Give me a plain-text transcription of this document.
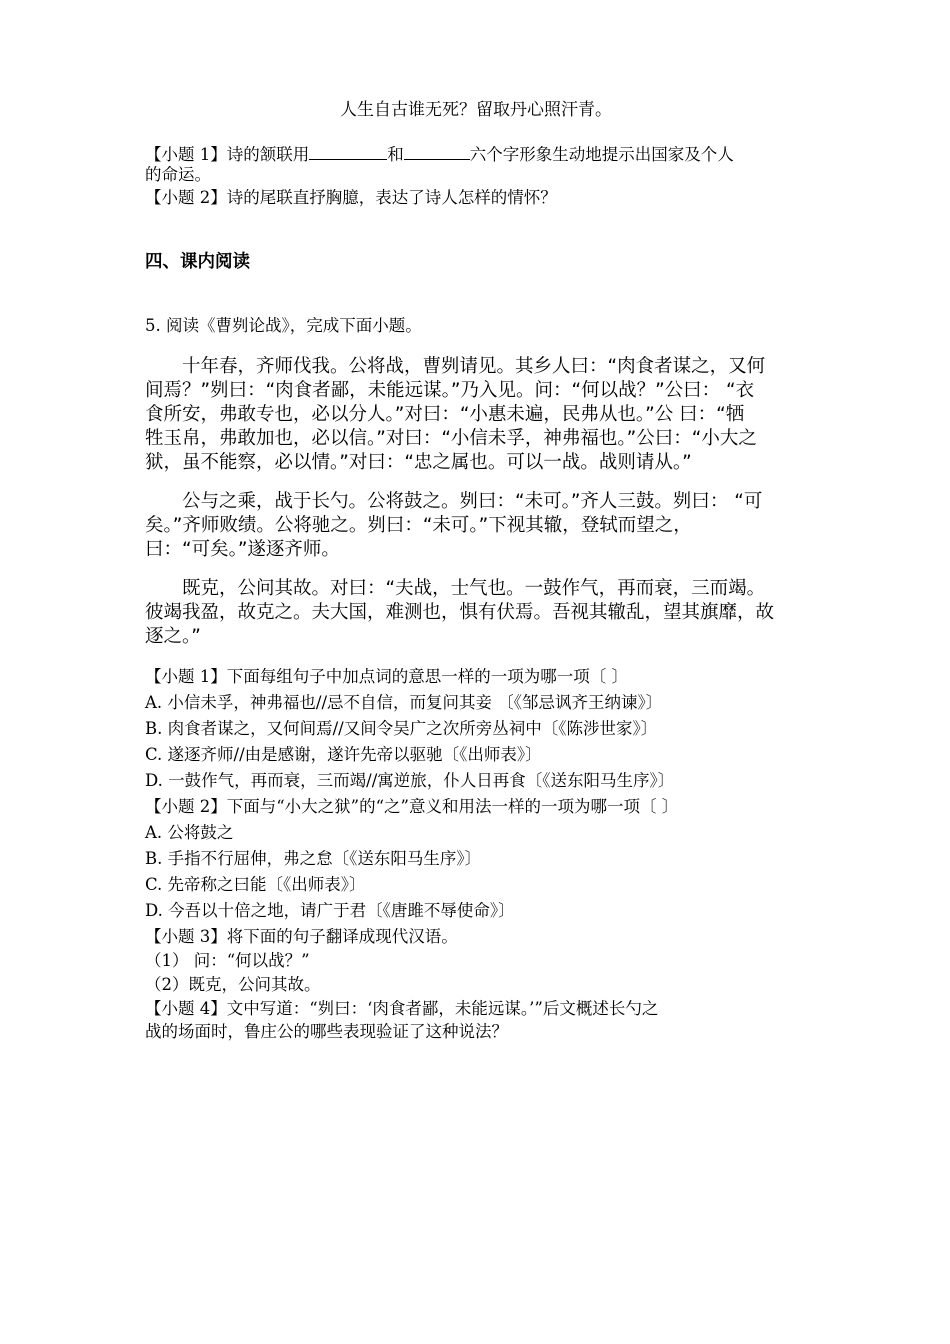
人生自古谁无死？留取丹心照汗青。
【小题 1】诗的颔联用	和	六个字形象生动地提示出国家及个人
的命运。
【小题 2】诗的尾联直抒胸臆，表达了诗人怎样的情怀？
四、课内阅读
5. 阅读《曹刿论战》，完成下面小题。
十年春，齐师伐我。公将战，曹刿请见。其乡人曰：“肉食者谋之，又何
间焉？”刿曰：“肉食者鄙，未能远谋。”乃入见。问：“何以战？”公曰： “衣
食所安，弗敢专也，必以分人。”对曰：“小惠未遍，民弗从也。”公 曰：“牺
牲玉帛，弗敢加也，必以信。”对曰：“小信未孚，神弗福也。”公曰：“小大之
狱，虽不能察，必以情。”对曰：“忠之属也。可以一战。战则请从。”
公与之乘，战于长勺。公将鼓之。刿曰：“未可。”齐人三鼓。刿曰： “可
矣。”齐师败绩。公将驰之。刿曰：“未可。”下视其辙，登轼而望之，
曰：“可矣。”遂逐齐师。
既克，公问其故。对曰：“夫战，士气也。一鼓作气，再而衰，三而竭。
彼竭我盈，故克之。夫大国，难测也，惧有伏焉。吾视其辙乱，望其旗靡，故
逐之。”
【小题 1】下面每组句子中加点词的意思一样的一项为哪一项〔 〕
A. 小信未孚，神弗福也//忌不自信，而复问其妾 〔《邹忌讽齐王纳谏》〕
B. 肉食者谋之，又何间焉//又间令吴广之次所旁丛祠中〔《陈涉世家》〕
C. 遂逐齐师//由是感谢，遂许先帝以驱驰〔《出师表》〕
D. 一鼓作气，再而衰，三而竭//寓逆旅，仆人日再食〔《送东阳马生序》〕
【小题 2】下面与“小大之狱”的“之”意义和用法一样的一项为哪一项〔 〕
A. 公将鼓之
B. 手指不行屈伸，弗之怠〔《送东阳马生序》〕
C. 先帝称之曰能〔《出师表》〕
D. 今吾以十倍之地，请广于君〔《唐雎不辱使命》〕
【小题 3】将下面的句子翻译成现代汉语。
（1） 问：“何以战？”
（2）既克，公问其故。
【小题 4】文中写道：“刿曰：‘肉食者鄙，未能远谋。’”后文概述长勺之
战的场面时，鲁庄公的哪些表现验证了这种说法？
